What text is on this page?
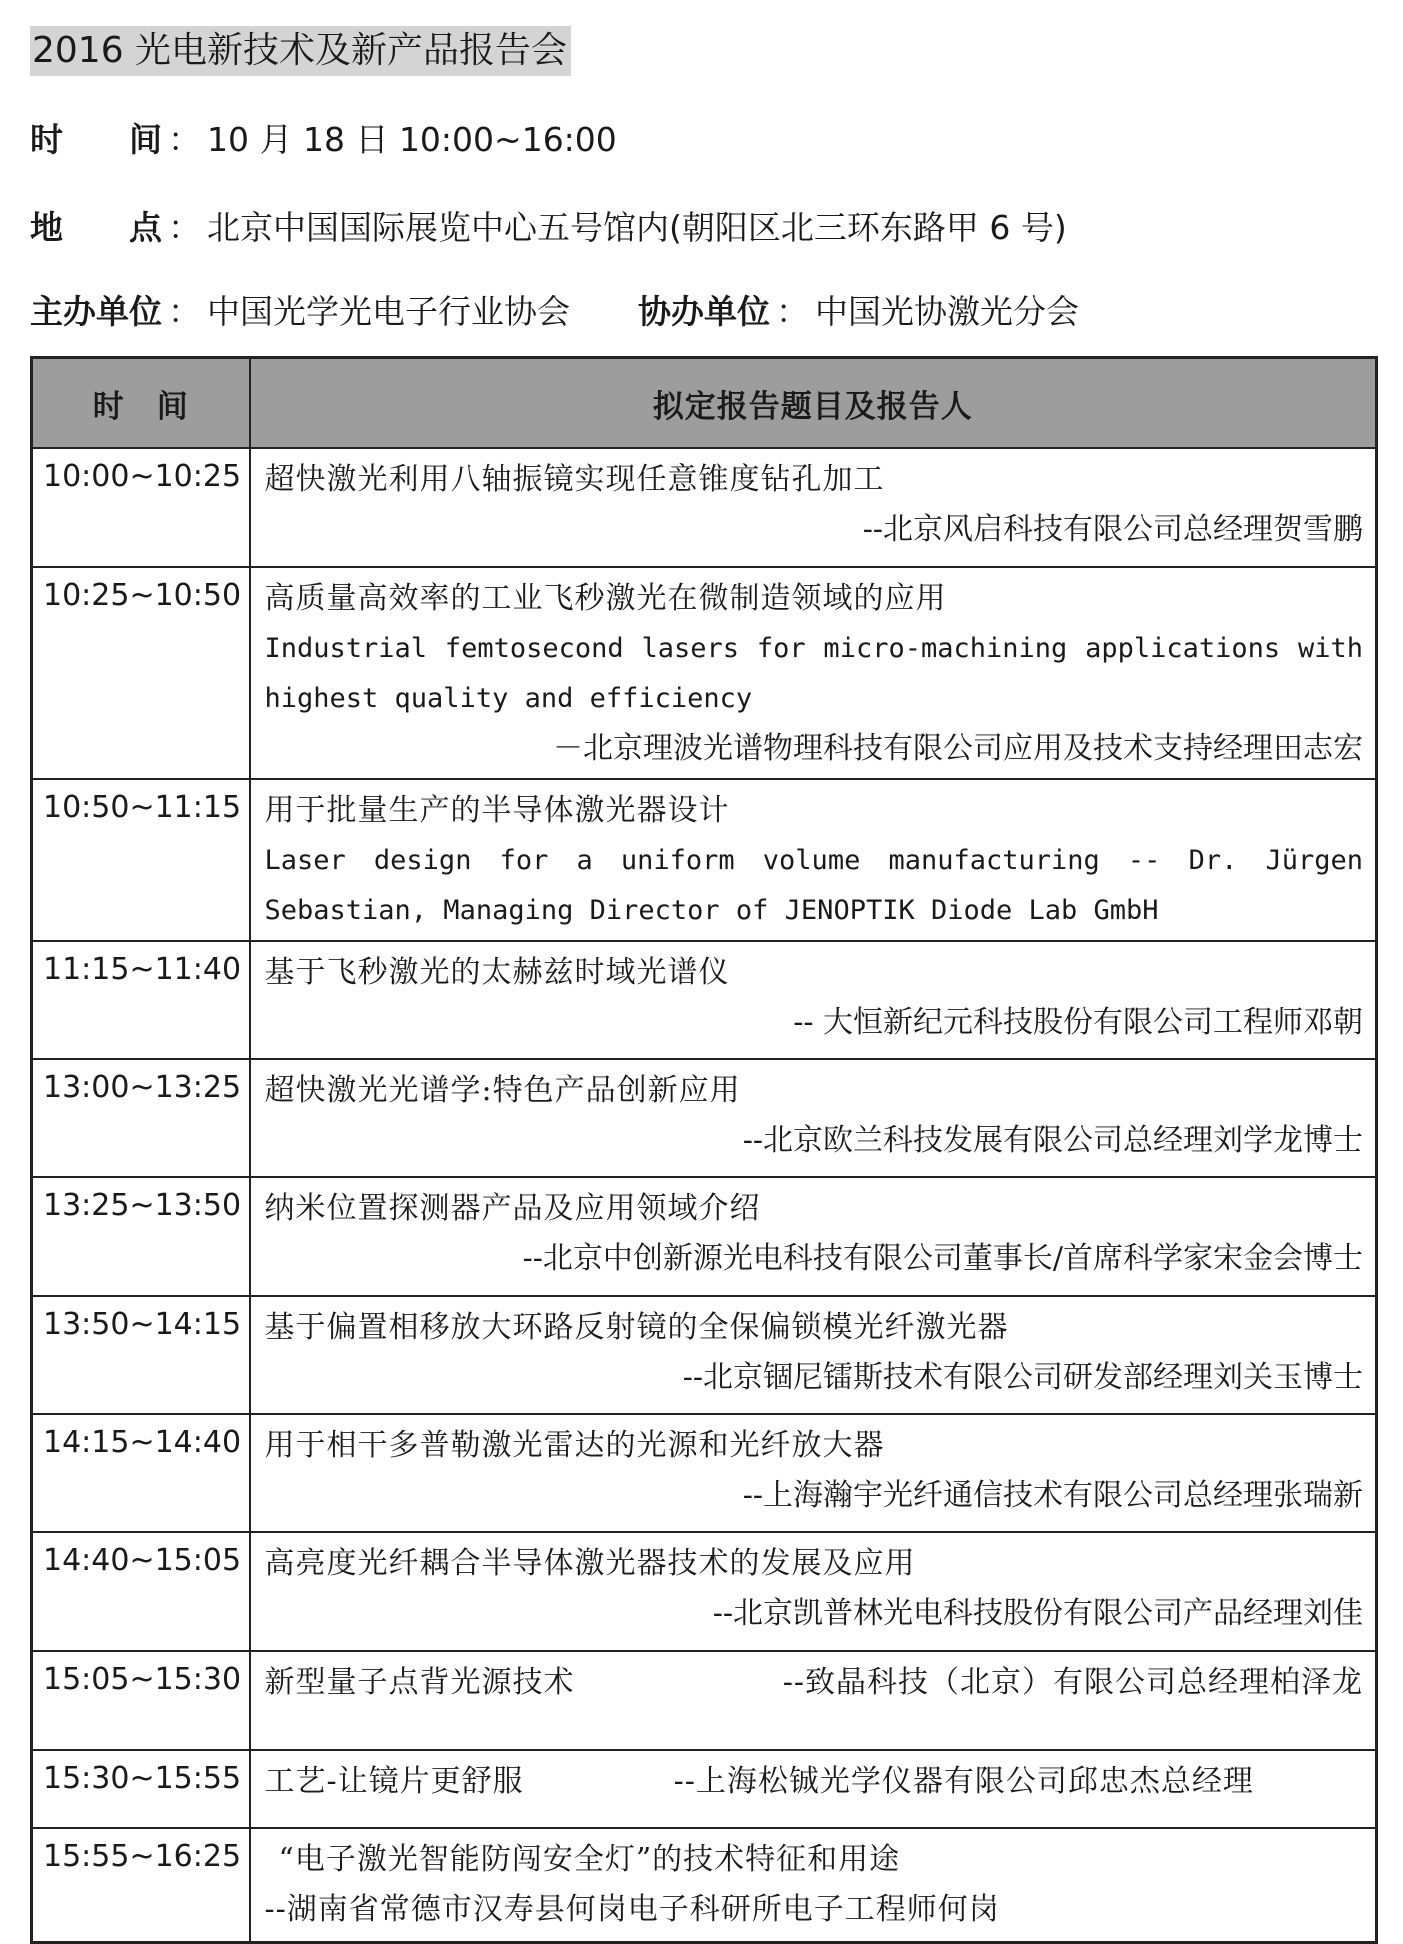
2016 光电新技术及新产品报告会
时　　间 ： 10 月 18 日 10:00~16:00
地　　点 ： 北京中国国际展览中心五号馆内(朝阳区北三环东路甲 6 号)
主办单位 ： 中国光学光电子行业协会 协办单位 ： 中国光协激光分会
时　间	拟定报告题目及报告人
10:00~10:25	超快激光利用八轴振镜实现任意锥度钻孔加工
--北京风启科技有限公司总经理贺雪鹏

10:25~10:50	高质量高效率的工业飞秒激光在微制造领域的应用
Industrial femtosecond lasers for micro-machining applications with
highest quality and efficiency
－北京理波光谱物理科技有限公司应用及技术支持经理田志宏

10:50~11:15	用于批量生产的半导体激光器设计
Laser design for a uniform volume manufacturing -- Dr. Jürgen
Sebastian, Managing Director of JENOPTIK Diode Lab GmbH

11:15~11:40	基于飞秒激光的太赫兹时域光谱仪
-- 大恒新纪元科技股份有限公司工程师邓朝

13:00~13:25	超快激光光谱学:特色产品创新应用
--北京欧兰科技发展有限公司总经理刘学龙博士

13:25~13:50	纳米位置探测器产品及应用领域介绍
--北京中创新源光电科技有限公司董事长/首席科学家宋金会博士

13:50~14:15	基于偏置相移放大环路反射镜的全保偏锁模光纤激光器
--北京锢尼镭斯技术有限公司研发部经理刘关玉博士

14:15~14:40	用于相干多普勒激光雷达的光源和光纤放大器
--上海瀚宇光纤通信技术有限公司总经理张瑞新

14:40~15:05	高亮度光纤耦合半导体激光器技术的发展及应用
--北京凯普林光电科技股份有限公司产品经理刘佳

15:05~15:30	新型量子点背光源技术 --致晶科技（北京）有限公司总经理柏泽龙

15:30~15:55	工艺-让镜片更舒服 --上海松铖光学仪器有限公司邱忠杰总经理

15:55~16:25	“电子激光智能防闯安全灯”的技术特征和用途
--湖南省常德市汉寿县何岗电子科研所电子工程师何岗
